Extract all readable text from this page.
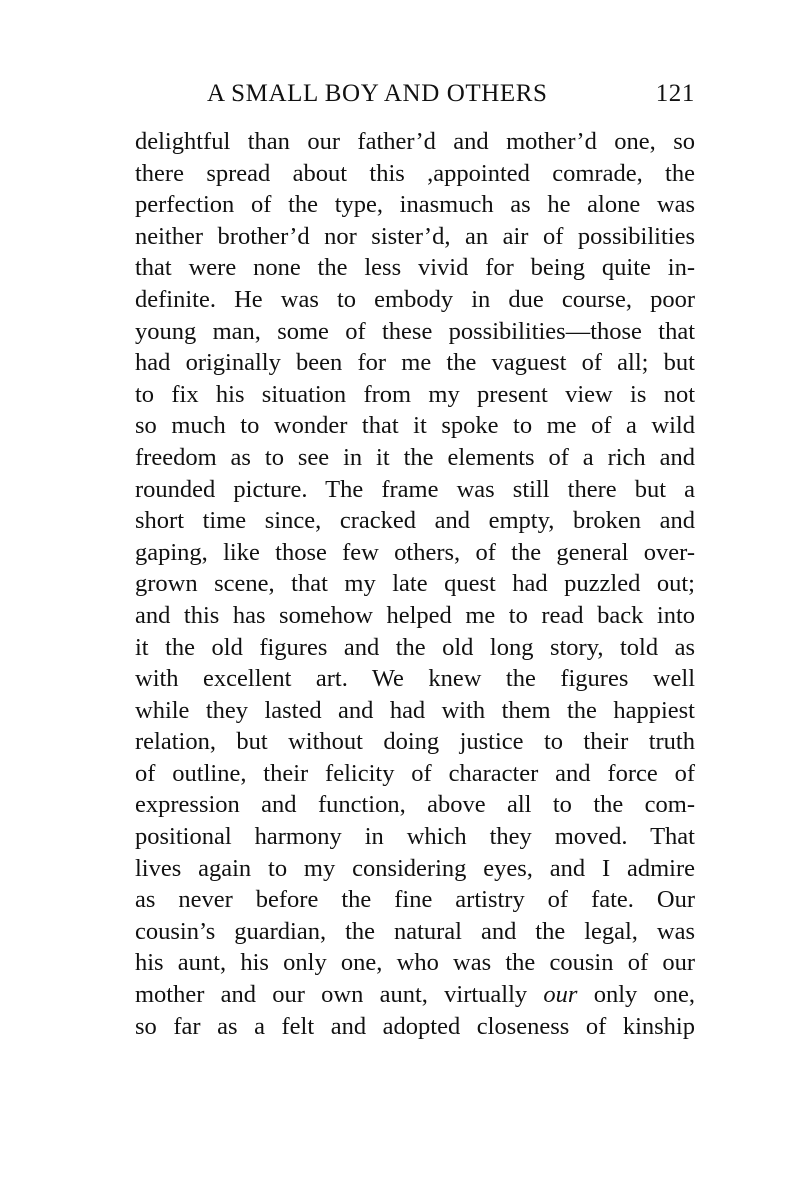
A SMALL BOY AND OTHERS	121
delightful than our father’d and mother’d one, so
there spread about this ,appointed comrade, the
perfection of the type, inasmuch as he alone was
neither brother’d nor sister’d, an air of possibilities
that were none the less vivid for being quite in-
definite. He was to embody in due course, poor
young man, some of these possibilities—those that
had originally been for me the vaguest of all; but
to fix his situation from my present view is not
so much to wonder that it spoke to me of a wild
freedom as to see in it the elements of a rich and
rounded picture. The frame was still there but a
short time since, cracked and empty, broken and
gaping, like those few others, of the general over-
grown scene, that my late quest had puzzled out;
and this has somehow helped me to read back into
it the old figures and the old long story, told as
with excellent art. We knew the figures well
while they lasted and had with them the happiest
relation, but without doing justice to their truth
of outline, their felicity of character and force of
expression and function, above all to the com-
positional harmony in which they moved. That
lives again to my considering eyes, and I admire
as never before the fine artistry of fate. Our
cousin’s guardian, the natural and the legal, was
his aunt, his only one, who was the cousin of our
mother and our own aunt, virtually our only one,
so far as a felt and adopted closeness of kinship
